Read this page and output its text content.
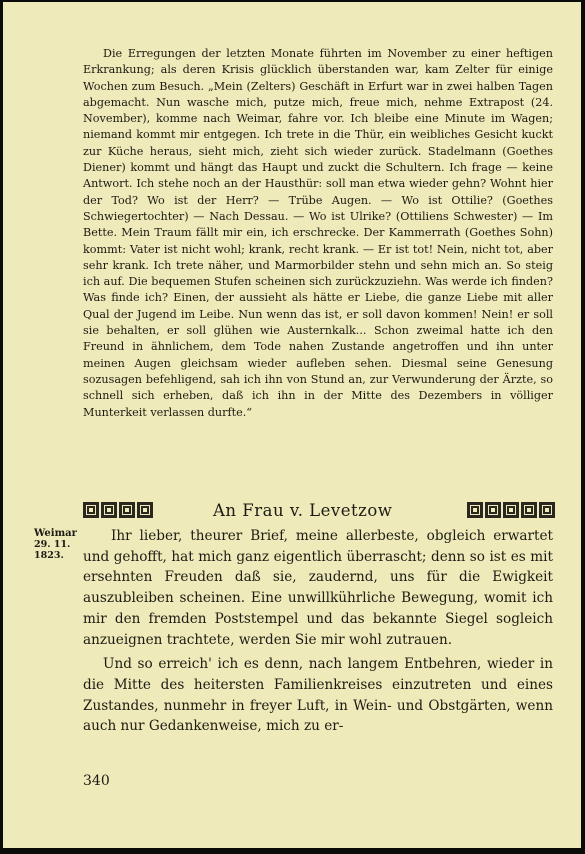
Die Erregungen der letzten Monate führten im November zu einer heftigen Erkrankung; als deren Krisis glücklich überstanden war, kam Zelter für einige Wochen zum Besuch. „Mein (Zelters) Geschäft in Erfurt war in zwei halben Tagen abgemacht. Nun wasche mich, putze mich, freue mich, nehme Extrapost (24. November), komme nach Weimar, fahre vor. Ich bleibe eine Minute im Wagen; niemand kommt mir entgegen. Ich trete in die Thür, ein weibliches Gesicht kuckt zur Küche heraus, sieht mich, zieht sich wieder zurück. Stadelmann (Goethes Diener) kommt und hängt das Haupt und zuckt die Schultern. Ich frage — keine Antwort. Ich stehe noch an der Hausthür: soll man etwa wieder gehn? Wohnt hier der Tod? Wo ist der Herr? — Trübe Augen. — Wo ist Ottilie? (Goethes Schwiegertochter) — Nach Dessau. — Wo ist Ulrike? (Ottiliens Schwester) — Im Bette. Mein Traum fällt mir ein, ich erschrecke. Der Kammerrath (Goethes Sohn) kommt: Vater ist nicht wohl; krank, recht krank. — Er ist tot! Nein, nicht tot, aber sehr krank. Ich trete näher, und Marmorbilder stehn und sehn mich an. So steig ich auf. Die bequemen Stufen scheinen sich zurückzuziehn. Was werde ich finden? Was finde ich? Einen, der aussieht als hätte er Liebe, die ganze Liebe mit aller Qual der Jugend im Leibe. Nun wenn das ist, er soll davon kommen! Nein! er soll sie behalten, er soll glühen wie Austernkalk... Schon zweimal hatte ich den Freund in ähnlichem, dem Tode nahen Zustande angetroffen und ihn unter meinen Augen gleichsam wieder aufleben sehen. Diesmal seine Genesung sozusagen befehligend, sah ich ihn von Stund an, zur Verwunderung der Ärzte, so schnell sich erheben, daß ich ihn in der Mitte des Dezembers in völliger Munterkeit verlassen durfte.“

An Frau v. Levetzow
Weimar
29. 11.
1823.

Ihr lieber, theurer Brief, meine allerbeste, obgleich erwartet und gehofft, hat mich ganz eigentlich überrascht; denn so ist es mit ersehnten Freuden daß sie, zaudernd, uns für die Ewigkeit auszubleiben scheinen. Eine unwillkührliche Bewegung, womit ich mir den fremden Poststempel und das bekannte Siegel sogleich anzueignen trachtete, werden Sie mir wohl zutrauen.

Und so erreich' ich es denn, nach langem Entbehren, wieder in die Mitte des heitersten Familienkreises einzutreten und eines Zustandes, nunmehr in freyer Luft, in Wein- und Obstgärten, wenn auch nur Gedankenweise, mich zu er-

340
